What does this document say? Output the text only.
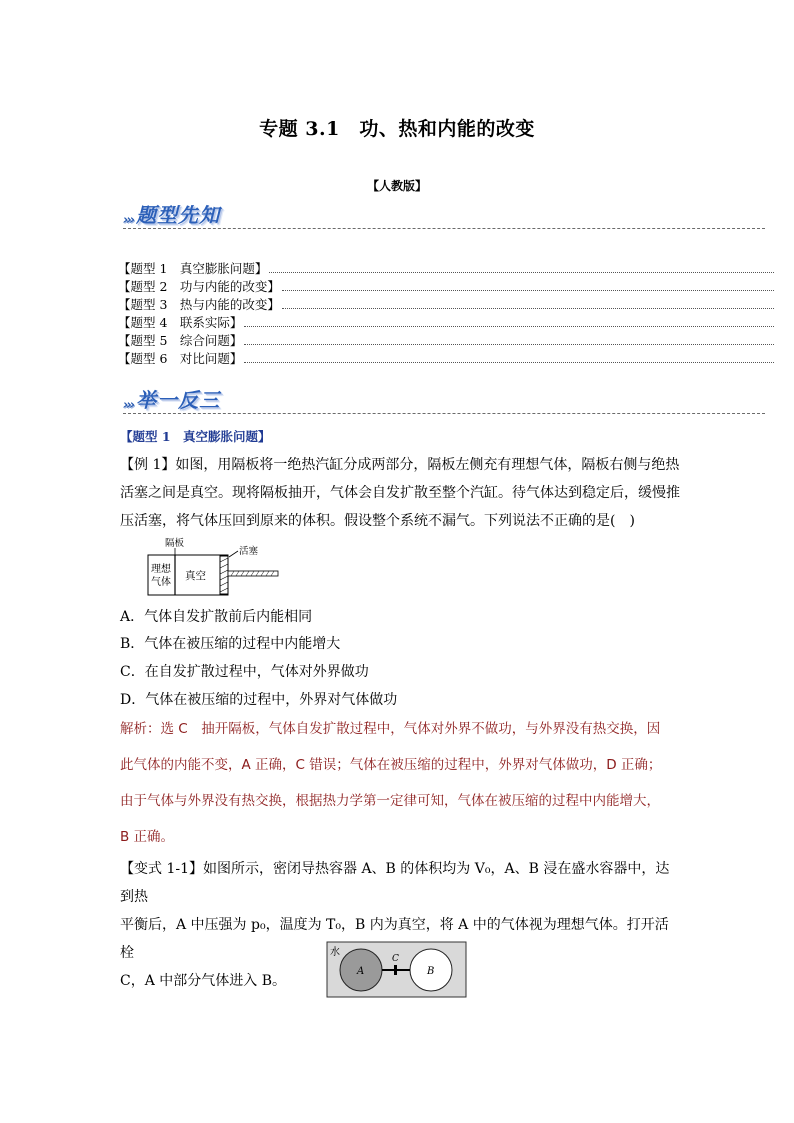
专题 3.1　功、热和内能的改变
【人教版】
››› 题型先知
【题型 1　真空膨胀问题】
【题型 2　功与内能的改变】
【题型 3　热与内能的改变】
【题型 4　联系实际】
【题型 5　综合问题】
【题型 6　对比问题】
››› 举一反三
【题型 1　真空膨胀问题】
【例 1】如图，用隔板将一绝热汽缸分成两部分，隔板左侧充有理想气体，隔板右侧与绝热
活塞之间是真空。现将隔板抽开，气体会自发扩散至整个汽缸。待气体达到稳定后，缓慢推
压活塞，将气体压回到原来的体积。假设整个系统不漏气。下列说法不正确的是(　)
隔板
活塞
理想
气体
真空
A．气体自发扩散前后内能相同
B．气体在被压缩的过程中内能增大
C．在自发扩散过程中，气体对外界做功
D．气体在被压缩的过程中，外界对气体做功
解析：选 C　抽开隔板，气体自发扩散过程中，气体对外界不做功，与外界没有热交换，因
此气体的内能不变，A 正确，C 错误；气体在被压缩的过程中，外界对气体做功，D 正确；
由于气体与外界没有热交换，根据热力学第一定律可知，气体在被压缩的过程中内能增大，
B 正确。
【变式 1-1】如图所示，密闭导热容器 A、B 的体积均为 V₀，A、B 浸在盛水容器中，达到热
平衡后，A 中压强为 p₀，温度为 T₀，B 内为真空，将 A 中的气体视为理想气体。打开活栓
C，A 中部分气体进入 B。
水
C
A	B
